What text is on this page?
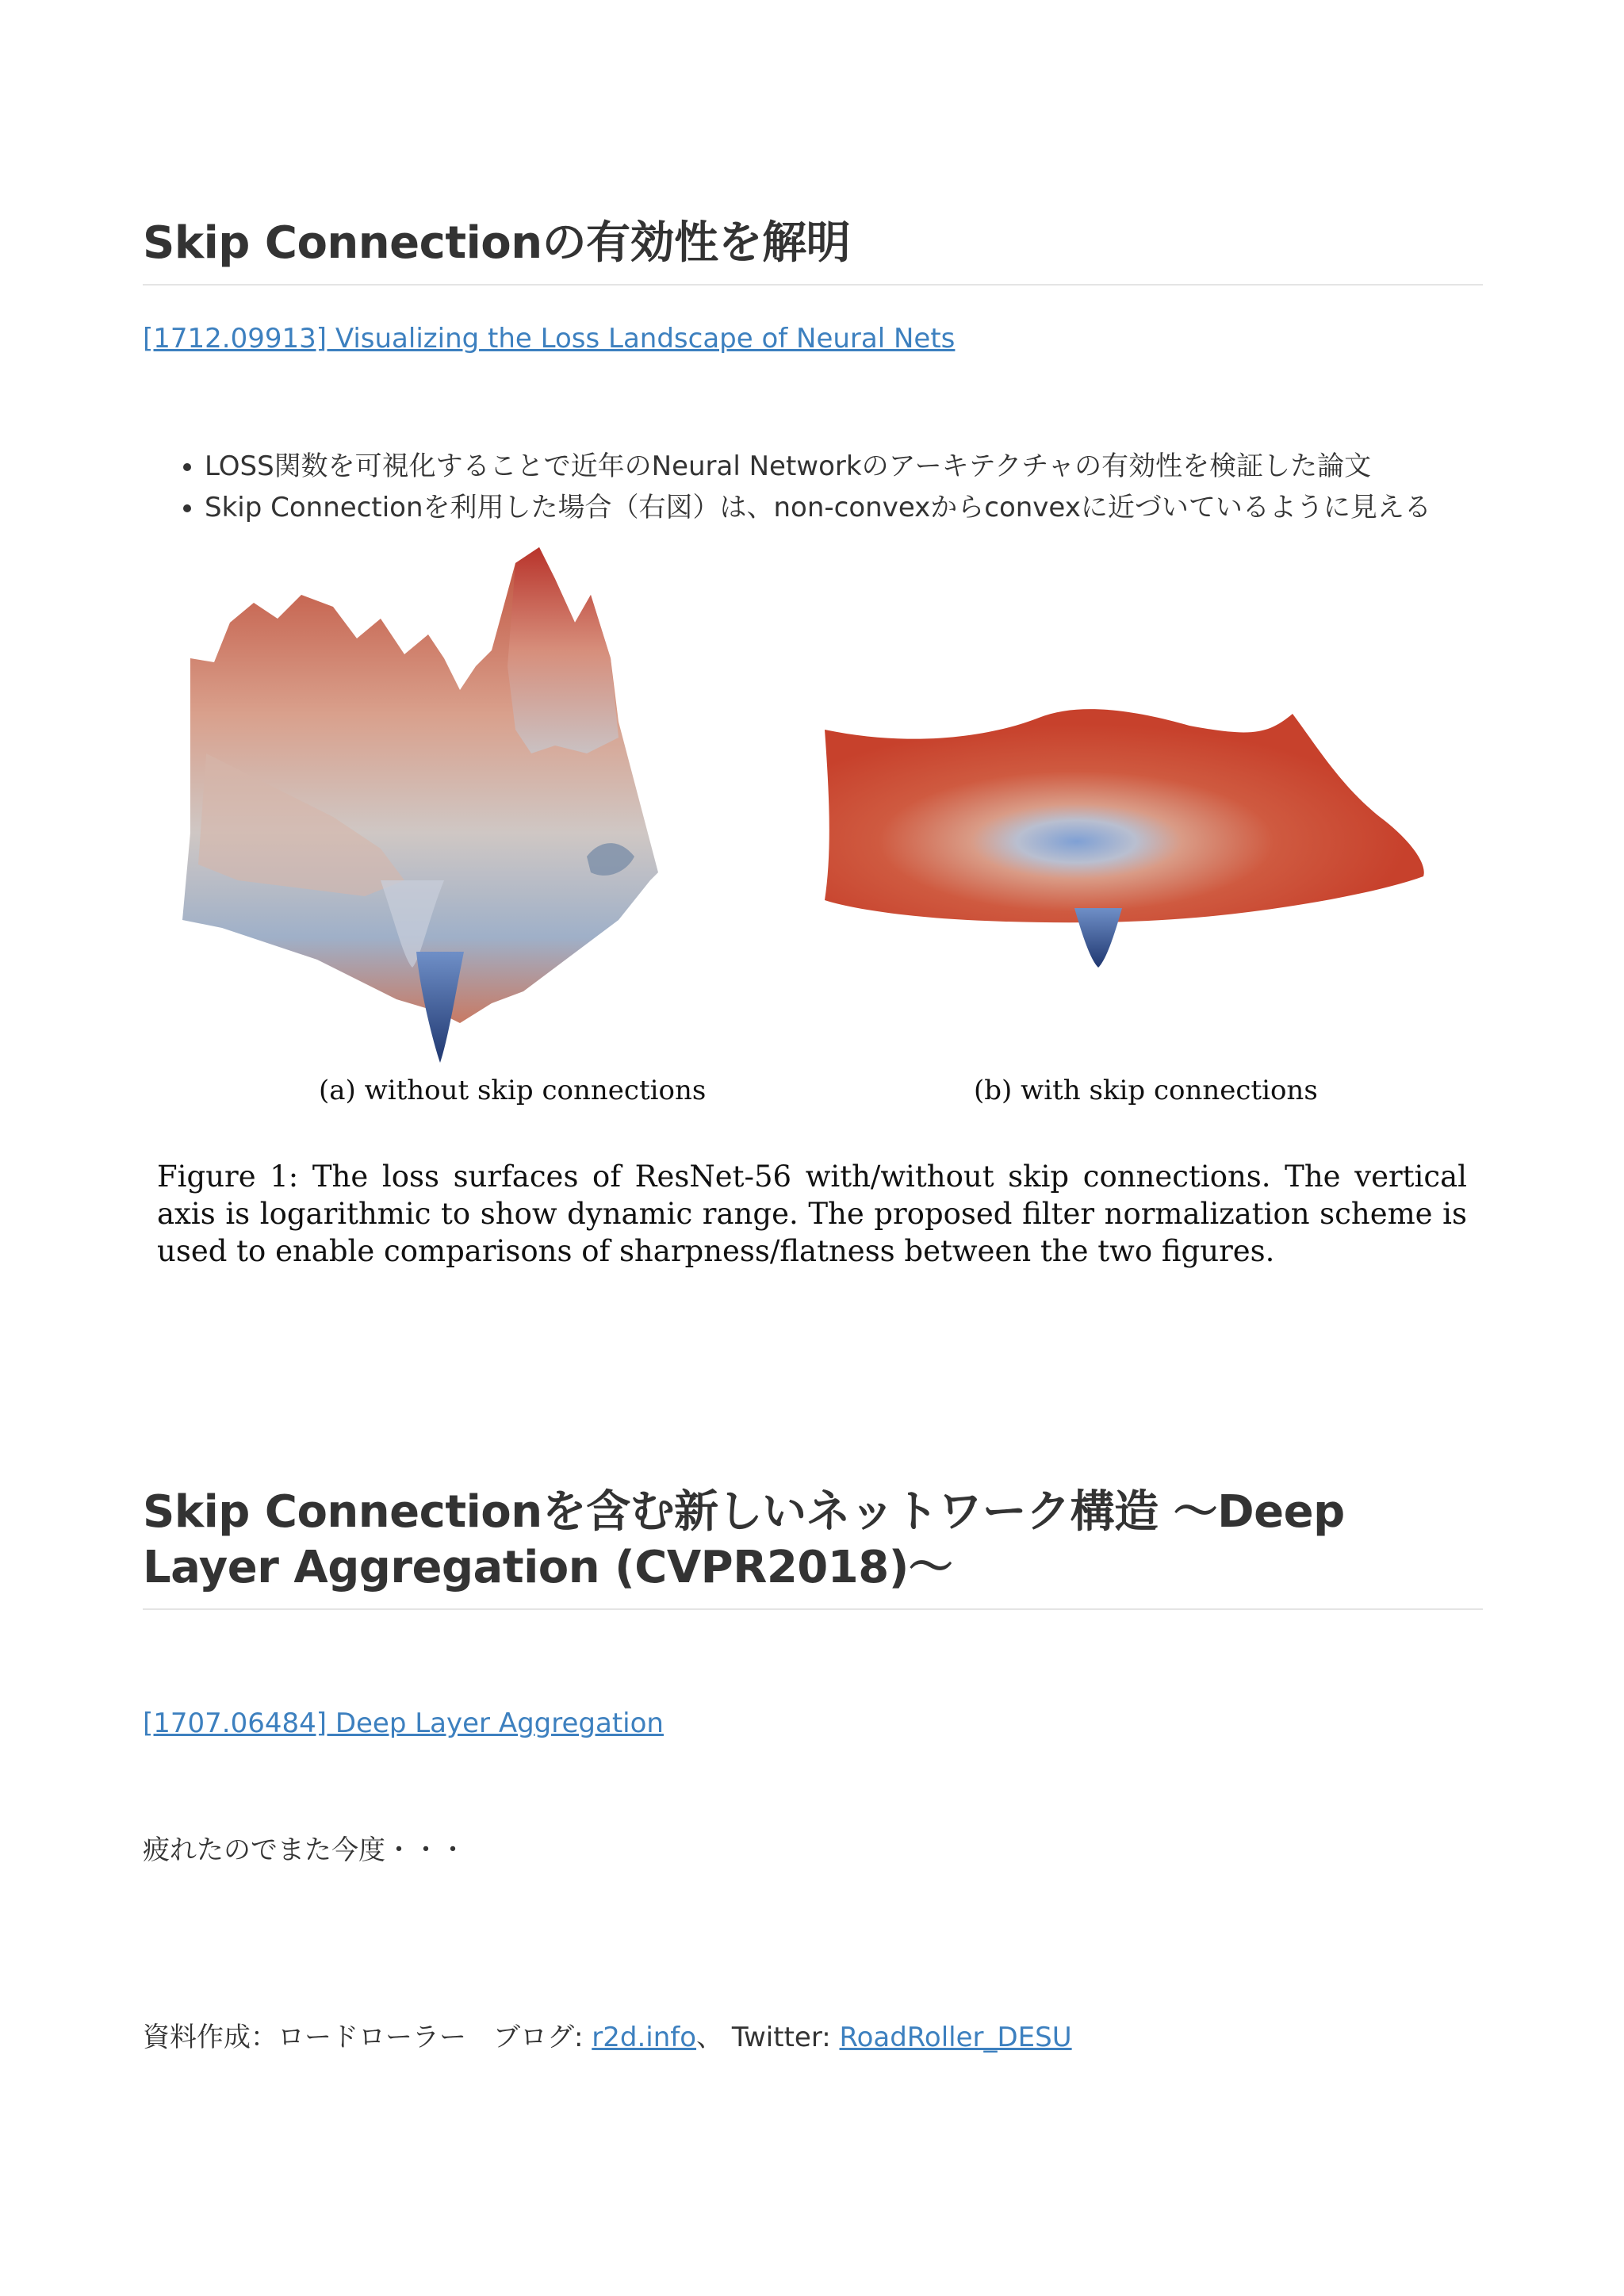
Skip Connectionの有効性を解明

[1712.09913] Visualizing the Loss Landscape of Neural Nets

• LOSS関数を可視化することで近年のNeural Networkのアーキテクチャの有効性を検証した論文
• Skip Connectionを利用した場合（右図）は、non-convexからconvexに近づいているように見える
(a) without skip connections	(b) with skip connections

Figure 1: The loss surfaces of ResNet-56 with/without skip connections. The vertical axis is logarithmic to show dynamic range. The proposed filter normalization scheme is used to enable comparisons of sharpness/flatness between the two figures.

Skip Connectionを含む新しいネットワーク構造 〜Deep Layer Aggregation (CVPR2018)〜

[1707.06484] Deep Layer Aggregation

疲れたのでまた今度・・・

資料作成：ロードローラー　ブログ: r2d.info、 Twitter: RoadRoller_DESU
